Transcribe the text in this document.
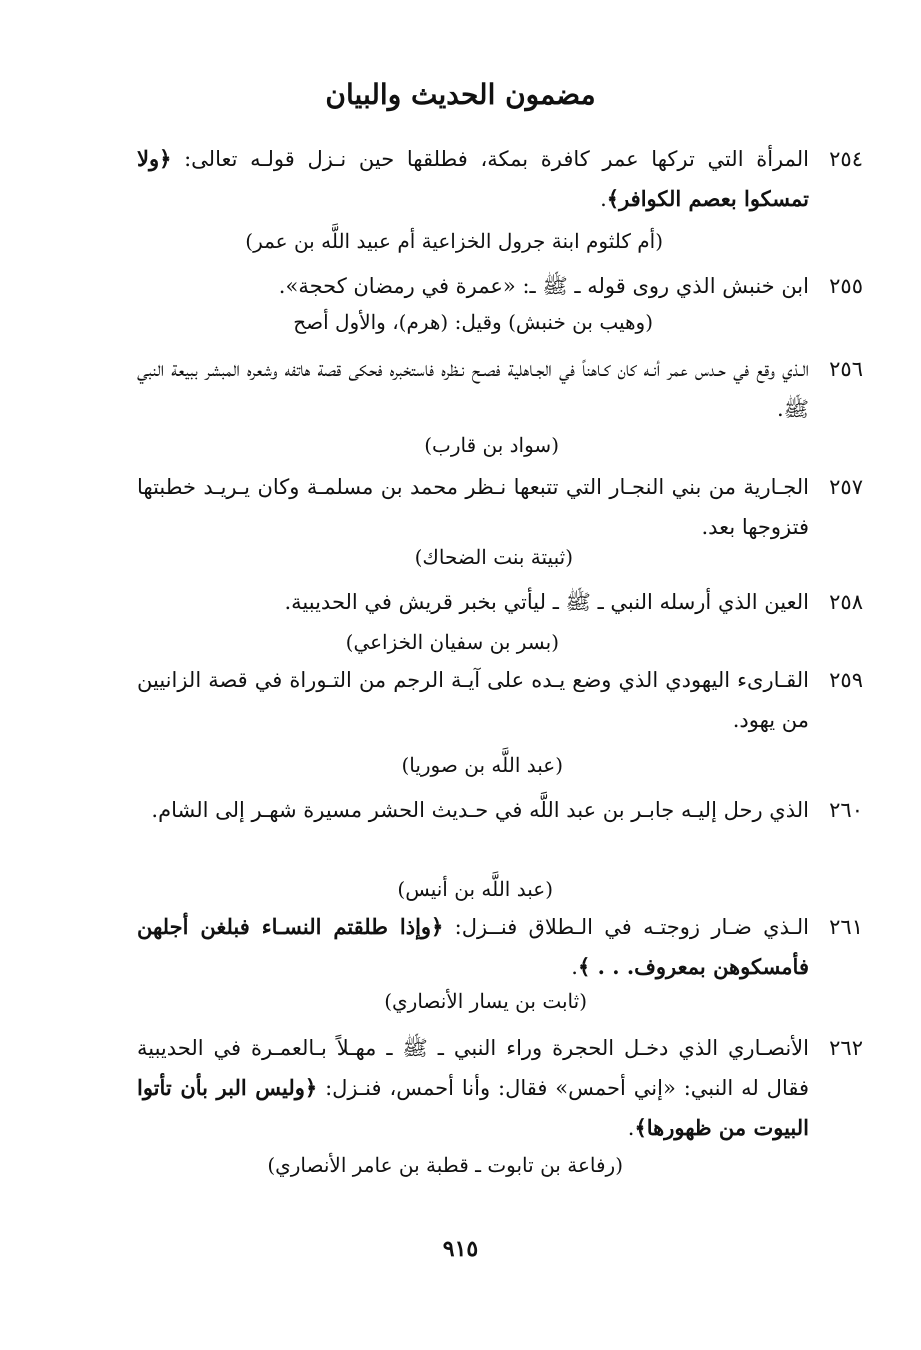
مضمون الحديث والبيان
٢٥٤
المرأة التي تركها عمر كافرة بمكة، فطلقها حين نـزل قولـه تعالى: ﴿ولا تمسكوا بعصم الكوافر﴾.
(أم كلثوم ابنة جرول الخزاعية أم عبيد اللَّه بن عمر)
٢٥٥
ابن خنبش الذي روى قوله ـ ﷺ ـ: «عمرة في رمضان كحجة».
(وهيب بن خنبش) وقيل: (هرم)، والأول أصح
٢٥٦
الـذي وقع في حـدس عمر أنـه كان كـاهناً في الجـاهلية فصـح نـظره فاستخبره فحكى قصة هاتفه وشعره المبشر ببيعة النبي ﷺ.
(سواد بن قارب)
٢٥٧
الجـارية من بني النجـار التي تتبعها نـظر محمد بن مسلمـة وكان يـريـد خطبتها فتزوجها بعد.
(ثبيتة بنت الضحاك)
٢٥٨
العين الذي أرسله النبي ـ ﷺ ـ ليأتي بخبر قريش في الحديبية.
(بسر بن سفيان الخزاعي)
٢٥٩
القـارىء اليهودي الذي وضع يـده على آيـة الرجم من التـوراة في قصة الزانيين من يهود.
(عبد اللَّه بن صوريا)
٢٦٠
الذي رحل إليـه جابـر بن عبد اللَّه في حـديث الحشر مسيرة شهـر إلى الشام.
(عبد اللَّه بن أنيس)
٢٦١
الـذي ضـار زوجتـه في الـطلاق فنــزل: ﴿وإذا طلقتم النسـاء فبلغن أجلهن فأمسكوهن بمعروف. . . ﴾.
(ثابت بن يسار الأنصاري)
٢٦٢
الأنصـاري الذي دخـل الحجرة وراء النبي ـ ﷺ ـ مهـلاً بـالعمـرة في الحديبية فقال له النبي: «إني أحمس» فقال: وأنا أحمس، فنـزل: ﴿وليس البر بأن تأتوا البيوت من ظهورها﴾.
(رفاعة بن تابوت ـ قطبة بن عامر الأنصاري)
٩١٥
